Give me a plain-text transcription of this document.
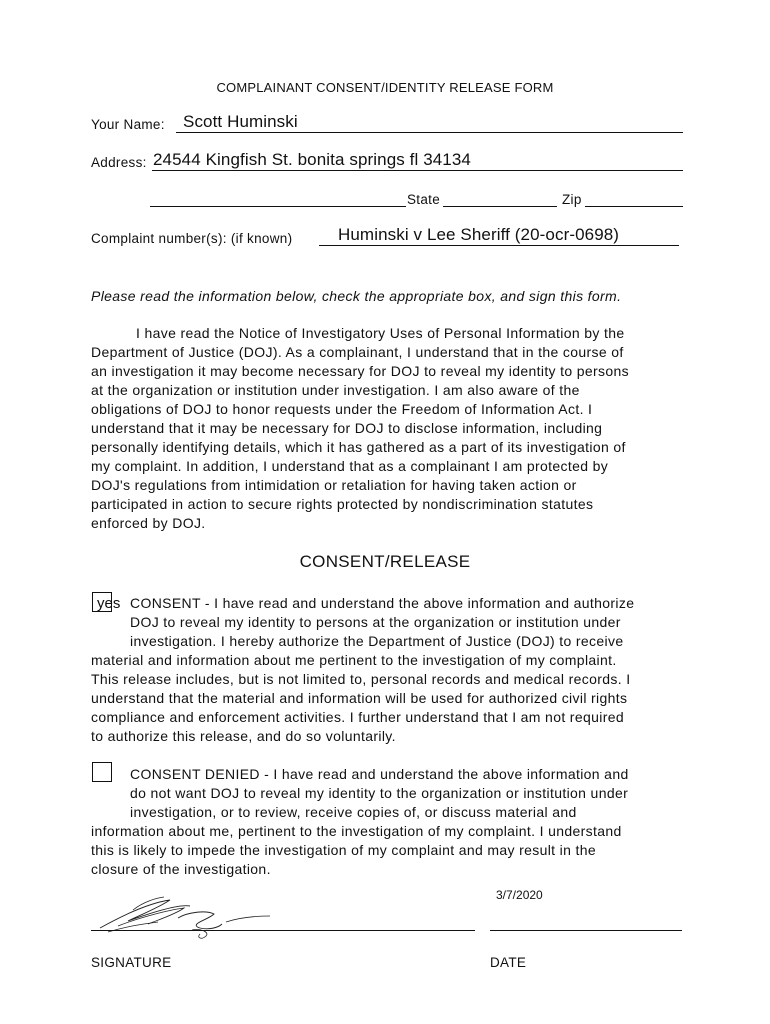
COMPLAINANT CONSENT/IDENTITY RELEASE FORM
Your Name: Scott Huminski
Address: 24544 Kingfish St. bonita springs fl 34134
State	Zip
Complaint number(s): (if known)	Huminski v Lee Sheriff (20-ocr-0698)
Please read the information below, check the appropriate box, and sign this form.
I have read the Notice of Investigatory Uses of Personal Information by the
Department of Justice (DOJ). As a complainant, I understand that in the course of
an investigation it may become necessary for DOJ to reveal my identity to persons
at the organization or institution under investigation. I am also aware of the
obligations of DOJ to honor requests under the Freedom of Information Act. I
understand that it may be necessary for DOJ to disclose information, including
personally identifying details, which it has gathered as a part of its investigation of
my complaint. In addition, I understand that as a complainant I am protected by
DOJ's regulations from intimidation or retaliation for having taken action or
participated in action to secure rights protected by nondiscrimination statutes
enforced by DOJ.
CONSENT/RELEASE
yes CONSENT - I have read and understand the above information and authorize
DOJ to reveal my identity to persons at the organization or institution under
investigation. I hereby authorize the Department of Justice (DOJ) to receive
material and information about me pertinent to the investigation of my complaint.
This release includes, but is not limited to, personal records and medical records. I
understand that the material and information will be used for authorized civil rights
compliance and enforcement activities. I further understand that I am not required
to authorize this release, and do so voluntarily.
CONSENT DENIED - I have read and understand the above information and
do not want DOJ to reveal my identity to the organization or institution under
investigation, or to review, receive copies of, or discuss material and
information about me, pertinent to the investigation of my complaint. I understand
this is likely to impede the investigation of my complaint and may result in the
closure of the investigation.
3/7/2020
SIGNATURE	DATE
